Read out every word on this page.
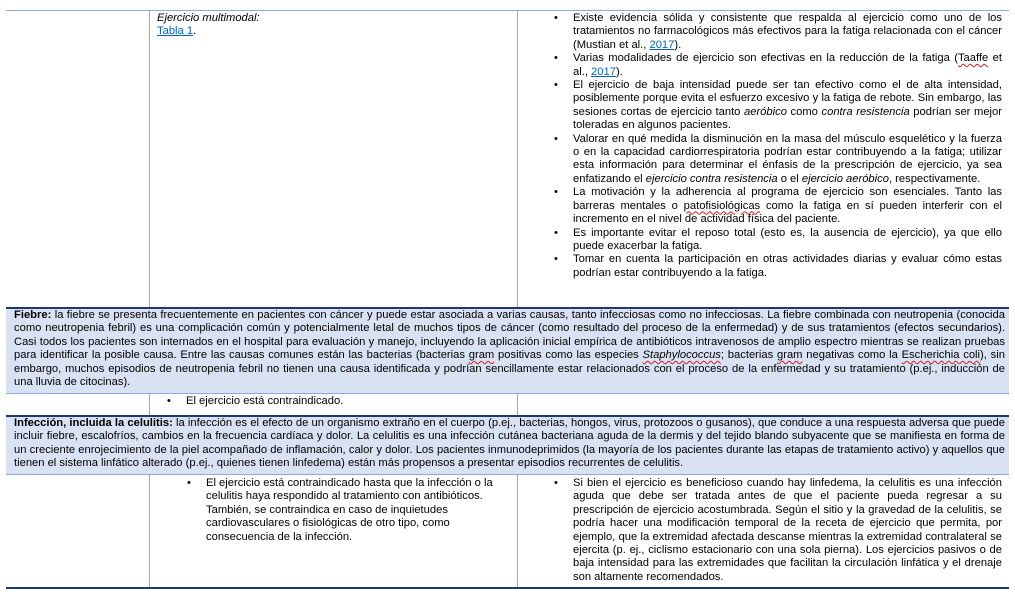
Ejercicio multimodal:
Tabla 1.
• Existe evidencia sólida y consistente que respalda al ejercicio como uno de los tratamientos no farmacológicos más efectivos para la fatiga relacionada con el cáncer (Mustian et al., 2017).
• Varias modalidades de ejercicio son efectivas en la reducción de la fatiga (Taaffe et al., 2017).
• El ejercicio de baja intensidad puede ser tan efectivo como el de alta intensidad, posiblemente porque evita el esfuerzo excesivo y la fatiga de rebote. Sin embargo, las sesiones cortas de ejercicio tanto aeróbico como contra resistencia podrían ser mejor toleradas en algunos pacientes.
• Valorar en qué medida la disminución en la masa del músculo esquelético y la fuerza o en la capacidad cardiorrespiratoria podrían estar contribuyendo a la fatiga; utilizar esta información para determinar el énfasis de la prescripción de ejercicio, ya sea enfatizando el ejercicio contra resistencia o el ejercicio aeróbico, respectivamente.
• La motivación y la adherencia al programa de ejercicio son esenciales. Tanto las barreras mentales o patofisiológicas como la fatiga en sí pueden interferir con el incremento en el nivel de actividad física del paciente.
• Es importante evitar el reposo total (esto es, la ausencia de ejercicio), ya que ello puede exacerbar la fatiga.
• Tomar en cuenta la participación en otras actividades diarias y evaluar cómo estas podrían estar contribuyendo a la fatiga.
Fiebre: la fiebre se presenta frecuentemente en pacientes con cáncer y puede estar asociada a varias causas, tanto infecciosas como no infecciosas. La fiebre combinada con neutropenia (conocida como neutropenia febril) es una complicación común y potencialmente letal de muchos tipos de cáncer (como resultado del proceso de la enfermedad) y de sus tratamientos (efectos secundarios). Casi todos los pacientes son internados en el hospital para evaluación y manejo, incluyendo la aplicación inicial empírica de antibióticos intravenosos de amplio espectro mientras se realizan pruebas para identificar la posible causa. Entre las causas comunes están las bacterias (bacterias gram positivas como las especies Staphylococcus; bacterias gram negativas como la Escherichia coli), sin embargo, muchos episodios de neutropenia febril no tienen una causa identificada y podrían sencillamente estar relacionados con el proceso de la enfermedad y su tratamiento (p.ej., inducción de una lluvia de citocinas).
• El ejercicio está contraindicado.
Infección, incluida la celulitis: la infección es el efecto de un organismo extraño en el cuerpo (p.ej., bacterias, hongos, virus, protozoos o gusanos), que conduce a una respuesta adversa que puede incluir fiebre, escalofríos, cambios en la frecuencia cardíaca y dolor. La celulitis es una infección cutánea bacteriana aguda de la dermis y del tejido blando subyacente que se manifiesta en forma de un creciente enrojecimiento de la piel acompañado de inflamación, calor y dolor. Los pacientes inmunodeprimidos (la mayoría de los pacientes durante las etapas de tratamiento activo) y aquellos que tienen el sistema linfático alterado (p.ej., quienes tienen linfedema) están más propensos a presentar episodios recurrentes de celulitis.
• El ejercicio está contraindicado hasta que la infección o la celulitis haya respondido al tratamiento con antibióticos. También, se contraindica en caso de inquietudes cardiovasculares o fisiológicas de otro tipo, como consecuencia de la infección.
• Si bien el ejercicio es beneficioso cuando hay linfedema, la celulitis es una infección aguda que debe ser tratada antes de que el paciente pueda regresar a su prescripción de ejercicio acostumbrada. Según el sitio y la gravedad de la celulitis, se podría hacer una modificación temporal de la receta de ejercicio que permita, por ejemplo, que la extremidad afectada descanse mientras la extremidad contralateral se ejercita (p. ej., ciclismo estacionario con una sola pierna). Los ejercicios pasivos o de baja intensidad para las extremidades que facilitan la circulación linfática y el drenaje son altamente recomendados.
